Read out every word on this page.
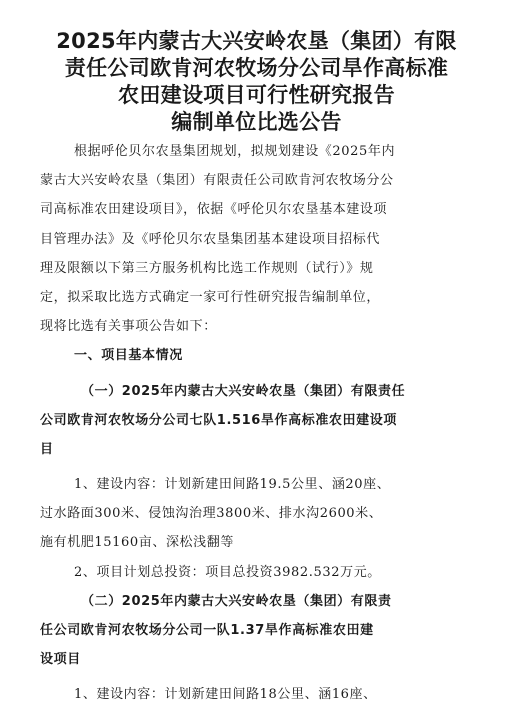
2025年内蒙古大兴安岭农垦（集团）有限
责任公司欧肯河农牧场分公司旱作高标准
农田建设项目可行性研究报告
编制单位比选公告
根据呼伦贝尔农垦集团规划，拟规划建设《2025年内
蒙古大兴安岭农垦（集团）有限责任公司欧肯河农牧场分公
司高标准农田建设项目》，依据《呼伦贝尔农垦基本建设项
目管理办法》及《呼伦贝尔农垦集团基本建设项目招标代
理及限额以下第三方服务机构比选工作规则（试行）》规
定，拟采取比选方式确定一家可行性研究报告编制单位，
现将比选有关事项公告如下：
一、项目基本情况
（一）2025年内蒙古大兴安岭农垦（集团）有限责任
公司欧肯河农牧场分公司七队1.516旱作高标准农田建设项
目
1、建设内容：计划新建田间路19.5公里、涵20座、
过水路面300米、侵蚀沟治理3800米、排水沟2600米、
施有机肥15160亩、深松浅翻等
2、项目计划总投资：项目总投资3982.532万元。
（二）2025年内蒙古大兴安岭农垦（集团）有限责
任公司欧肯河农牧场分公司一队1.37旱作高标准农田建
设项目
1、建设内容：计划新建田间路18公里、涵16座、
